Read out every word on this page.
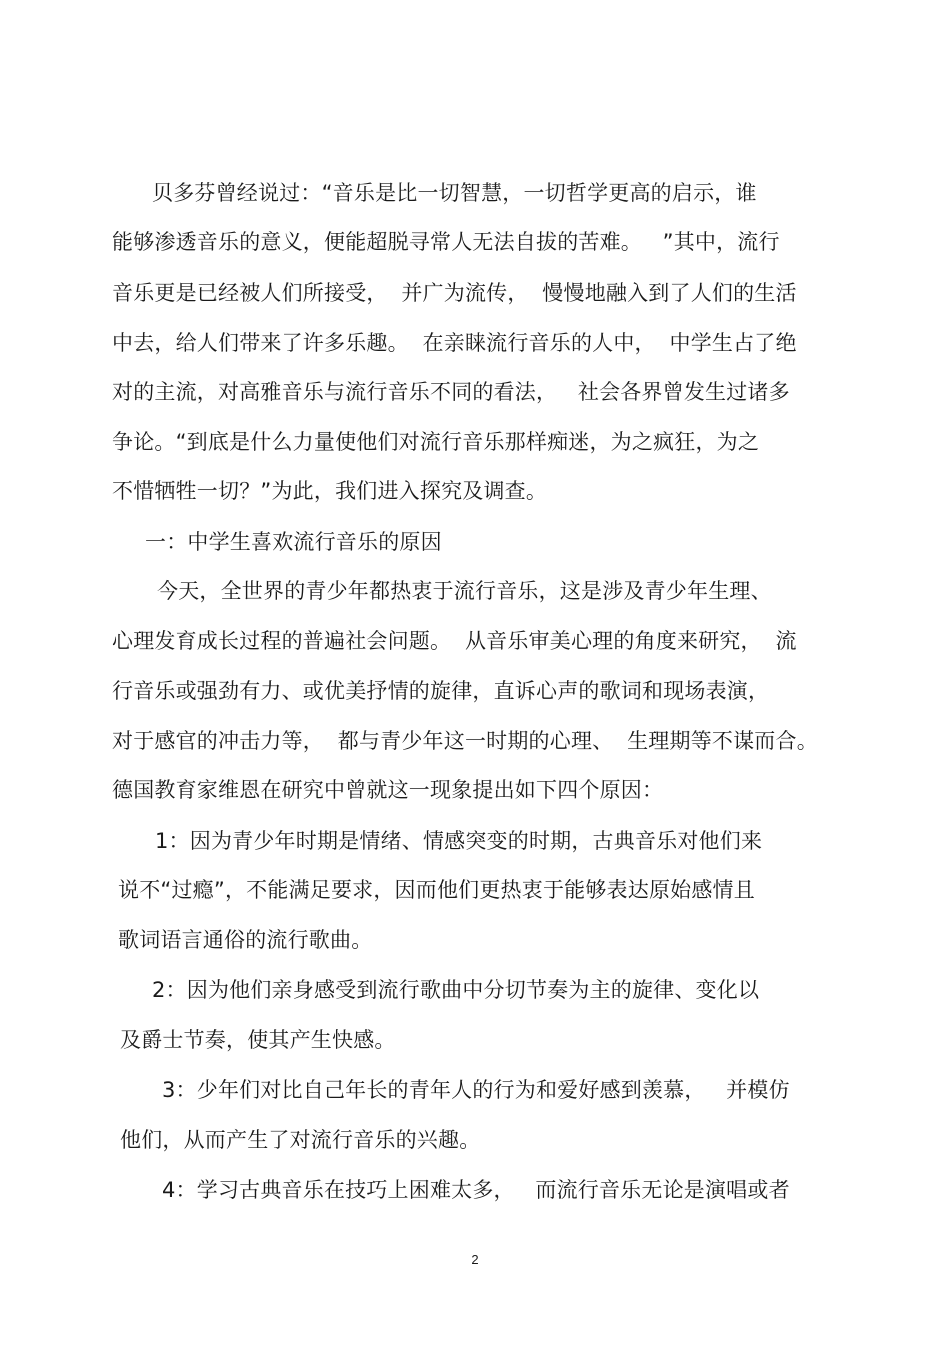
贝多芬曾经说过：“音乐是比一切智慧，一切哲学更高的启示，谁
能够渗透音乐的意义，便能超脱寻常人无法自拔的苦难。   ”其中，流行
音乐更是已经被人们所接受，  并广为流传，  慢慢地融入到了人们的生活
中去，给人们带来了许多乐趣。  在亲睐流行音乐的人中，  中学生占了绝
对的主流，对高雅音乐与流行音乐不同的看法，   社会各界曾发生过诸多
争论。“到底是什么力量使他们对流行音乐那样痴迷，为之疯狂，为之
不惜牺牲一切？”为此，我们进入探究及调查。
一：中学生喜欢流行音乐的原因
今天，全世界的青少年都热衷于流行音乐，这是涉及青少年生理、
心理发育成长过程的普遍社会问题。  从音乐审美心理的角度来研究，  流
行音乐或强劲有力、或优美抒情的旋律，直诉心声的歌词和现场表演，
对于感官的冲击力等，  都与青少年这一时期的心理、  生理期等不谋而合。
德国教育家维恩在研究中曾就这一现象提出如下四个原因：
1：因为青少年时期是情绪、情感突变的时期，古典音乐对他们来
说不“过瘾”，不能满足要求，因而他们更热衷于能够表达原始感情且
歌词语言通俗的流行歌曲。
2：因为他们亲身感受到流行歌曲中分切节奏为主的旋律、变化以
及爵士节奏，使其产生快感。
3：少年们对比自己年长的青年人的行为和爱好感到羡慕，   并模仿
他们，从而产生了对流行音乐的兴趣。
4：学习古典音乐在技巧上困难太多，   而流行音乐无论是演唱或者
2
